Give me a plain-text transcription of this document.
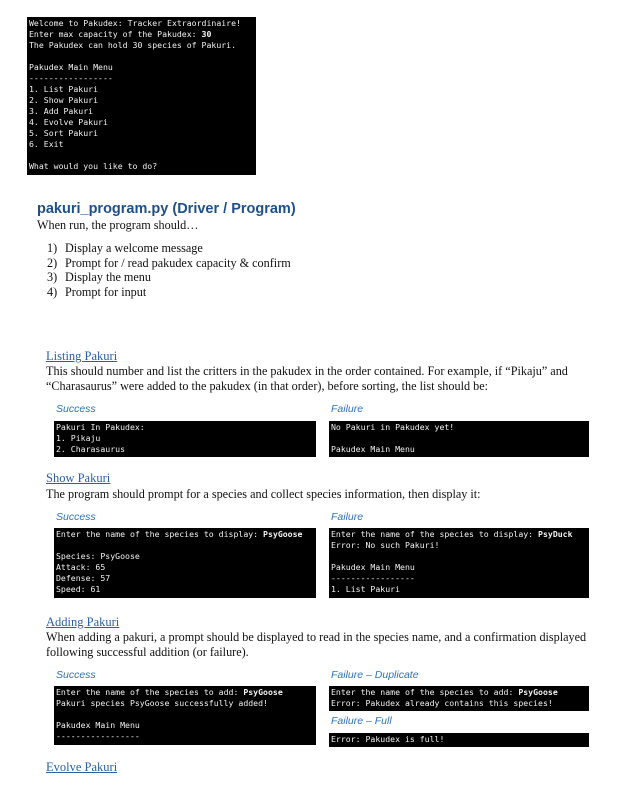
Welcome to Pakudex: Tracker Extraordinaire!
Enter max capacity of the Pakudex: 30
The Pakudex can hold 30 species of Pakuri.
Pakudex Main Menu
-----------------
1. List Pakuri
2. Show Pakuri
3. Add Pakuri
4. Evolve Pakuri
5. Sort Pakuri
6. Exit
What would you like to do?
pakuri_program.py (Driver / Program)
When run, the program should…
1) Display a welcome message
2) Prompt for / read pakudex capacity & confirm
3) Display the menu
4) Prompt for input
Listing Pakuri
This should number and list the critters in the pakudex in the order contained. For example, if “Pikaju” and
“Charasaurus” were added to the pakudex (in that order), before sorting, the list should be:
Success	Failure
Pakuri In Pakudex:
1. Pikaju
2. Charasaurus
No Pakuri in Pakudex yet!
Pakudex Main Menu
Show Pakuri
The program should prompt for a species and collect species information, then display it:
Success	Failure
Enter the name of the species to display: PsyGoose
Species: PsyGoose
Attack: 65
Defense: 57
Speed: 61
Enter the name of the species to display: PsyDuck
Error: No such Pakuri!
Pakudex Main Menu
-----------------
1. List Pakuri
Adding Pakuri
When adding a pakuri, a prompt should be displayed to read in the species name, and a confirmation displayed
following successful addition (or failure).
Success	Failure – Duplicate
Enter the name of the species to add: PsyGoose
Pakuri species PsyGoose successfully added!
Pakudex Main Menu
-----------------
Enter the name of the species to add: PsyGoose
Error: Pakudex already contains this species!
Failure – Full
Error: Pakudex is full!
Evolve Pakuri
